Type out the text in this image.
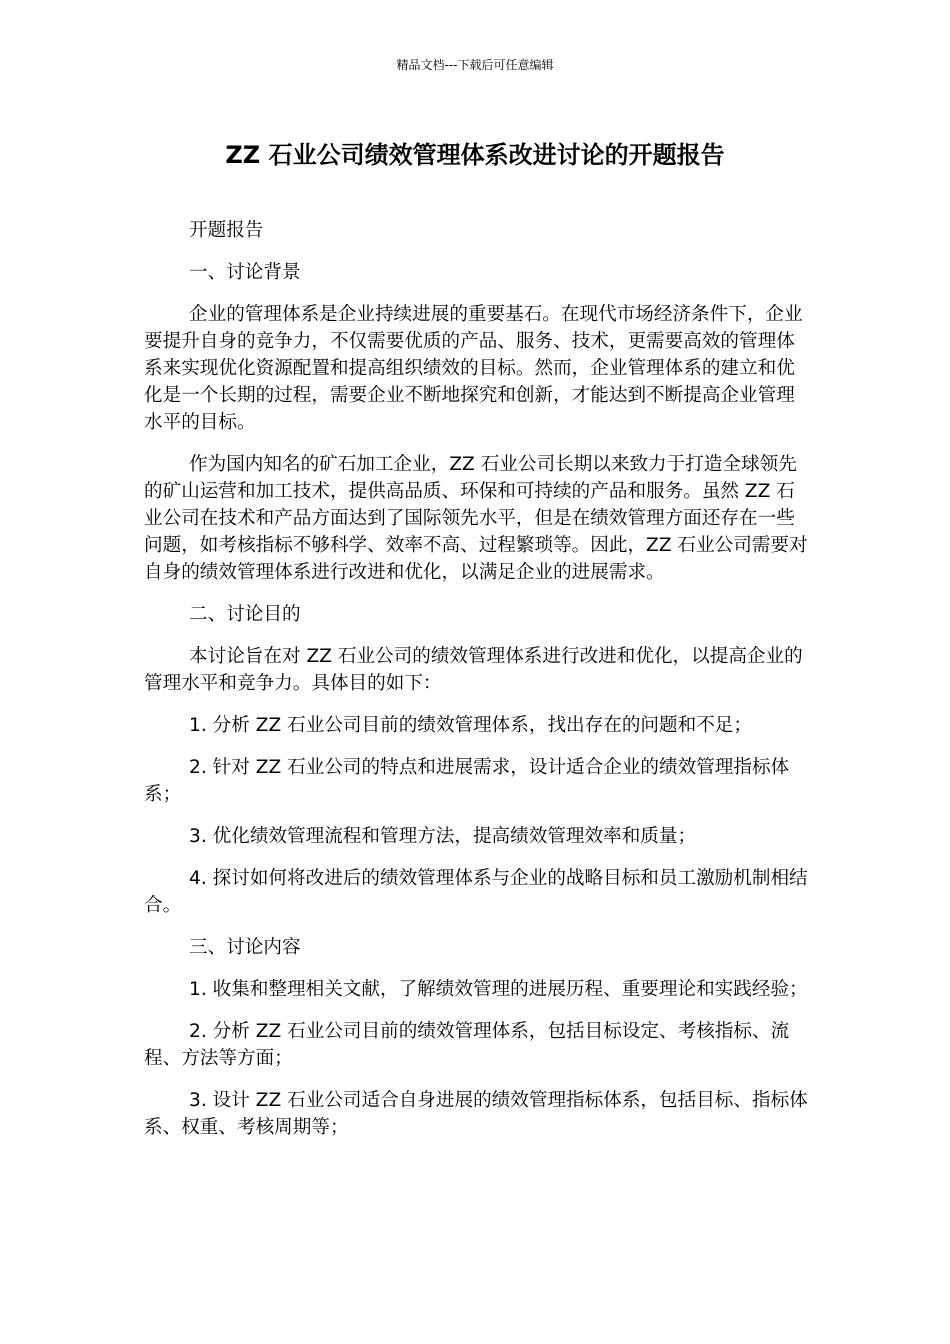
精品文档---下载后可任意编辑
ZZ 石业公司绩效管理体系改进讨论的开题报告

开题报告

一、讨论背景

企业的管理体系是企业持续进展的重要基石。在现代市场经济条件下，企业要提升自身的竞争力，不仅需要优质的产品、服务、技术，更需要高效的管理体系来实现优化资源配置和提高组织绩效的目标。然而，企业管理体系的建立和优化是一个长期的过程，需要企业不断地探究和创新，才能达到不断提高企业管理水平的目标。

作为国内知名的矿石加工企业，ZZ 石业公司长期以来致力于打造全球领先的矿山运营和加工技术，提供高品质、环保和可持续的产品和服务。虽然 ZZ 石业公司在技术和产品方面达到了国际领先水平，但是在绩效管理方面还存在一些问题，如考核指标不够科学、效率不高、过程繁琐等。因此，ZZ 石业公司需要对自身的绩效管理体系进行改进和优化，以满足企业的进展需求。

二、讨论目的

本讨论旨在对 ZZ 石业公司的绩效管理体系进行改进和优化，以提高企业的管理水平和竞争力。具体目的如下：

1. 分析 ZZ 石业公司目前的绩效管理体系，找出存在的问题和不足；

2. 针对 ZZ 石业公司的特点和进展需求，设计适合企业的绩效管理指标体系；

3. 优化绩效管理流程和管理方法，提高绩效管理效率和质量；

4. 探讨如何将改进后的绩效管理体系与企业的战略目标和员工激励机制相结合。

三、讨论内容

1. 收集和整理相关文献，了解绩效管理的进展历程、重要理论和实践经验；

2. 分析 ZZ 石业公司目前的绩效管理体系，包括目标设定、考核指标、流程、方法等方面；

3. 设计 ZZ 石业公司适合自身进展的绩效管理指标体系，包括目标、指标体系、权重、考核周期等；
